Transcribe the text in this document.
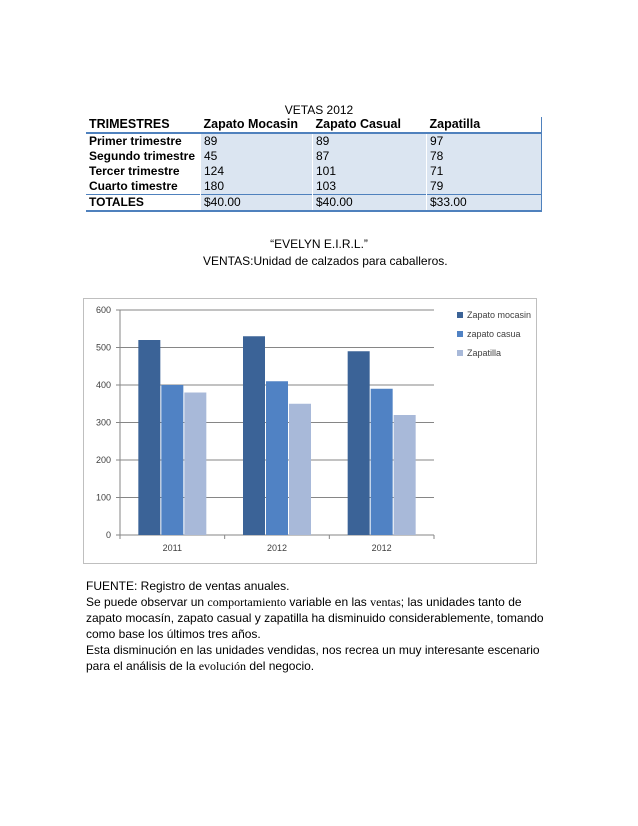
VETAS 2012
TRIMESTRES	Zapato Mocasin	Zapato Casual	Zapatilla
Primer trimestre	89	89	97
Segundo trimestre	45	87	78
Tercer trimestre	124	101	71
Cuarto timestre	180	103	79
TOTALES	$40.00	$40.00	$33.00
“EVELYN E.I.R.L.”
VENTAS:Unidad de calzados para caballeros.
0
100
200
300
400
500
600
2011	2012	2012
Zapato mocasin
zapato casua
Zapatilla

FUENTE: Registro de ventas anuales.

Se puede observar un comportamiento variable en las ventas; las unidades tanto de zapato mocasín, zapato casual y zapatilla ha disminuido considerablemente, tomando como base los últimos tres años.

Esta disminución en las unidades vendidas, nos recrea un muy interesante escenario para el análisis de la evolución del negocio.
